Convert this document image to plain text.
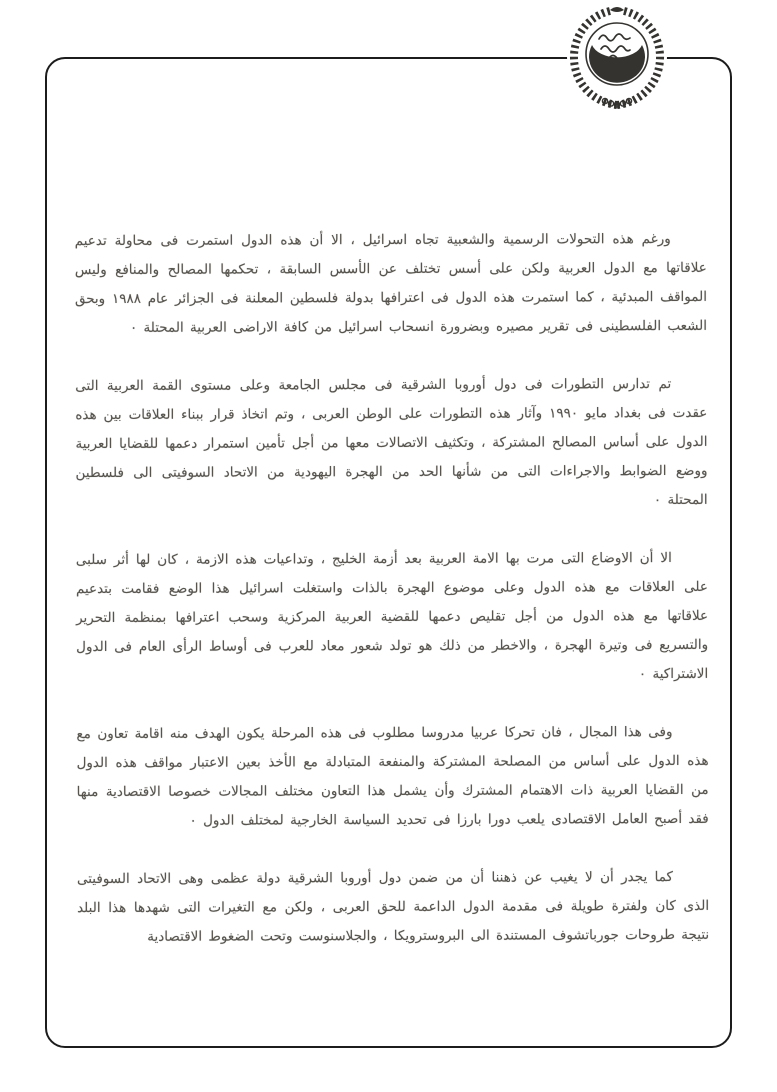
ورغم هذه التحولات الرسمية والشعبية تجاه اسرائيل ، الا أن هذه الدول استمرت فى محاولة تدعيم علاقاتها مع الدول العربية ولكن على أسس تختلف عن الأسس السابقة ، تحكمها المصالح والمنافع وليس المواقف المبدئية ، كما استمرت هذه الدول فى اعترافها بدولة فلسطين المعلنة فى الجزائر عام ١٩٨٨ وبحق الشعب الفلسطينى فى تقرير مصيره وبضرورة انسحاب اسرائيل من كافة الاراضى العربية المحتلة ٠

تم تدارس التطورات فى دول أوروبا الشرقية فى مجلس الجامعة وعلى مستوى القمة العربية التى عقدت فى بغداد مايو ١٩٩٠ وآثار هذه التطورات على الوطن العربى ، وتم اتخاذ قرار ببناء العلاقات بين هذه الدول على أساس المصالح المشتركة ، وتكثيف الاتصالات معها من أجل تأمين استمرار دعمها للقضايا العربية ووضع الضوابط والاجراءات التى من شأنها الحد من الهجرة اليهودية من الاتحاد السوفيتى الى فلسطين المحتلة ٠

الا أن الاوضاع التى مرت بها الامة العربية بعد أزمة الخليج ، وتداعيات هذه الازمة ، كان لها أثر سلبى على العلاقات مع هذه الدول وعلى موضوع الهجرة بالذات واستغلت اسرائيل هذا الوضع فقامت بتدعيم علاقاتها مع هذه الدول من أجل تقليص دعمها للقضية العربية المركزية وسحب اعترافها بمنظمة التحرير والتسريع فى وتيرة الهجرة ، والاخطر من ذلك هو تولد شعور معاد للعرب فى أوساط الرأى العام فى الدول الاشتراكية ٠

وفى هذا المجال ، فان تحركا عربيا مدروسا مطلوب فى هذه المرحلة يكون الهدف منه اقامة تعاون مع هذه الدول على أساس من المصلحة المشتركة والمنفعة المتبادلة مع الأخذ بعين الاعتبار مواقف هذه الدول من القضايا العربية ذات الاهتمام المشترك وأن يشمل هذا التعاون مختلف المجالات خصوصا الاقتصادية منها فقد أصبح العامل الاقتصادى يلعب دورا بارزا فى تحديد السياسة الخارجية لمختلف الدول ٠

كما يجدر أن لا يغيب عن ذهننا أن من ضمن دول أوروبا الشرقية دولة عظمى وهى الاتحاد السوفيتى الذى كان ولفترة طويلة فى مقدمة الدول الداعمة للحق العربى ، ولكن مع التغيرات التى شهدها هذا البلد نتيجة طروحات جورباتشوف المستندة الى البروسترويكا ، والجلاسنوست وتحت الضغوط الاقتصادية
